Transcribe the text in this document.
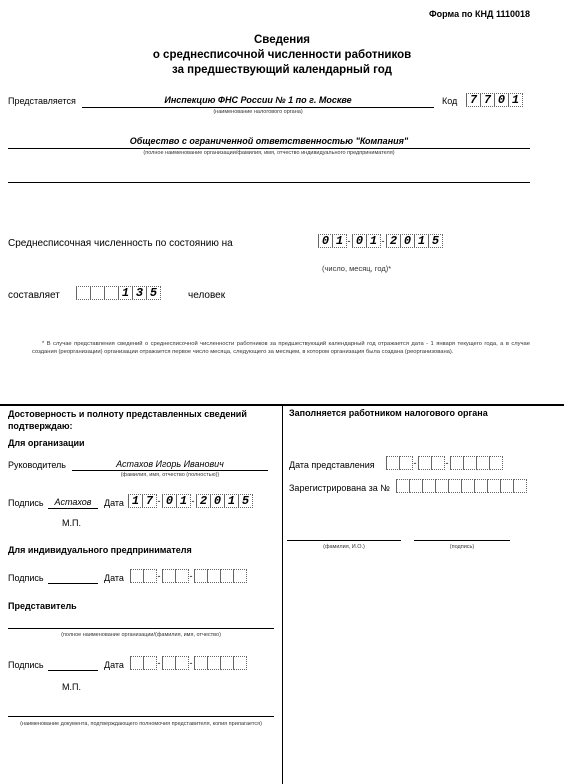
Форма по КНД 1110018
Сведения
о среднесписочной численности работников
за предшествующий календарный год
Представляется	Инспекцию ФНС России № 1 по г. Москве
(наименование налогового органа)
Код	7 7 0 1
Общество с ограниченной ответственностью "Компания"
(полное наименование организации/фамилия, имя, отчество индивидуального предпринимателя)
Среднесписочная численность по состоянию на	0 1 - 0 1 - 2 0 1 5
(число, месяц, год)*
составляет	1 3 5	человек
* В случае представления сведений о среднесписочной численности работников за предшествующий календарный год отражается дата - 1 января текущего года, а в случае создания (реорганизации) организации отражается первое число месяца, следующего за месяцем, в котором организация была создана (реорганизована).
Достоверность и полноту представленных сведений подтверждаю:
Для организации
Руководитель	Астахов Игорь Иванович
(фамилия, имя, отчество (полностью))
Подпись	Астахов	Дата 1 7 - 0 1 - 2 0 1 5
М.П.
Для индивидуального предпринимателя
Подпись	Дата	-	-
Представитель
(полное наименование организации/(фамилия, имя, отчество)
Подпись	Дата	-	-
М.П.
(наименование документа, подтверждающего полномочия представителя, копия прилагается)
Заполняется работником налогового органа
Дата представления	-	-
Зарегистрирована за №
(фамилия, И.О.)	(подпись)
